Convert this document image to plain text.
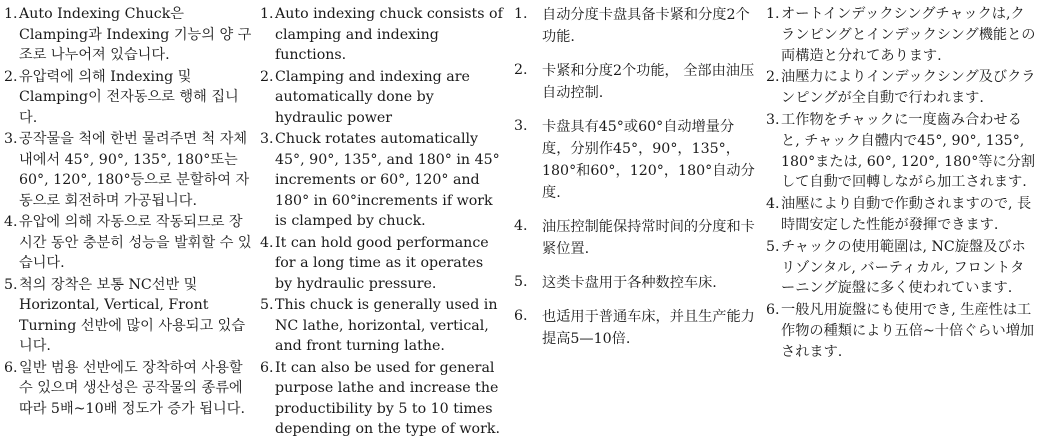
1. Auto Indexing Chuck은 Clamping과 Indexing 기능의 양 구조로 나누어져 있습니다.
2. 유압력에 의해 Indexing 및 Clamping이 전자동으로 행해 집니다.
3. 공작물을 척에 한번 물려주면 척 자체 내에서 45°, 90°, 135°, 180°또는 60°, 120°, 180°등으로 분할하여 자동으로 회전하며 가공됩니다.
4. 유압에 의해 자동으로 작동되므로 장시간 동안 충분히 성능을 발휘할 수 있습니다.
5. 척의 장착은 보통 NC선반 및 Horizontal, Vertical, Front Turning 선반에 많이 사용되고 있습니다.
6. 일반 범용 선반에도 장착하여 사용할 수 있으며 생산성은 공작물의 종류에 따라 5배~10배 정도가 증가 됩니다.
1. Auto indexing chuck consists of clamping and indexing functions.
2. Clamping and indexing are automatically done by hydraulic power
3. Chuck rotates automatically 45°, 90°, 135°, and 180° in 45° increments or 60°, 120° and 180° in 60°increments if work is clamped by chuck.
4. It can hold good performance for a long time as it operates by hydraulic pressure.
5. This chuck is generally used in NC lathe, horizontal, vertical, and front turning lathe.
6. It can also be used for general purpose lathe and increase the productibility by 5 to 10 times depending on the type of work.
1.	自动分度卡盘具备卡紧和分度2个功能.
2.	卡紧和分度2个功能， 全部由油压自动控制.
3.	卡盘具有45°或60°自动增量分度，分别作45°，90°，135°，180°和60°，120°，180°自动分度.
4.	油压控制能保持常时间的分度和卡紧位置.
5.	这类卡盘用于各种数控车床.
6.	也适用于普通车床，并且生产能力提高5—10倍.
1. オートインデックシングチャックは,クランピングとインデックシング機能との両構造と分れてあります.
2. 油壓力によりインデックシング及びクランピングが全自動で行われます.
3. 工作物をチャックに一度齒み合わせると, チャック自體内で45°, 90°, 135°, 180°または, 60°, 120°, 180°等に分割して自動で回轉しながら加工されます.
4. 油壓により自動で作動されますので, 長時間安定した性能が發揮できます.
5. チャックの使用範圍は, NC旋盤及びホリゾンタル, バーティカル, フロントターニング旋盤に多く使われています.
6. 一般凡用旋盤にも使用でき, 生産性は工作物の種類により五倍~十倍ぐらい増加されます.
